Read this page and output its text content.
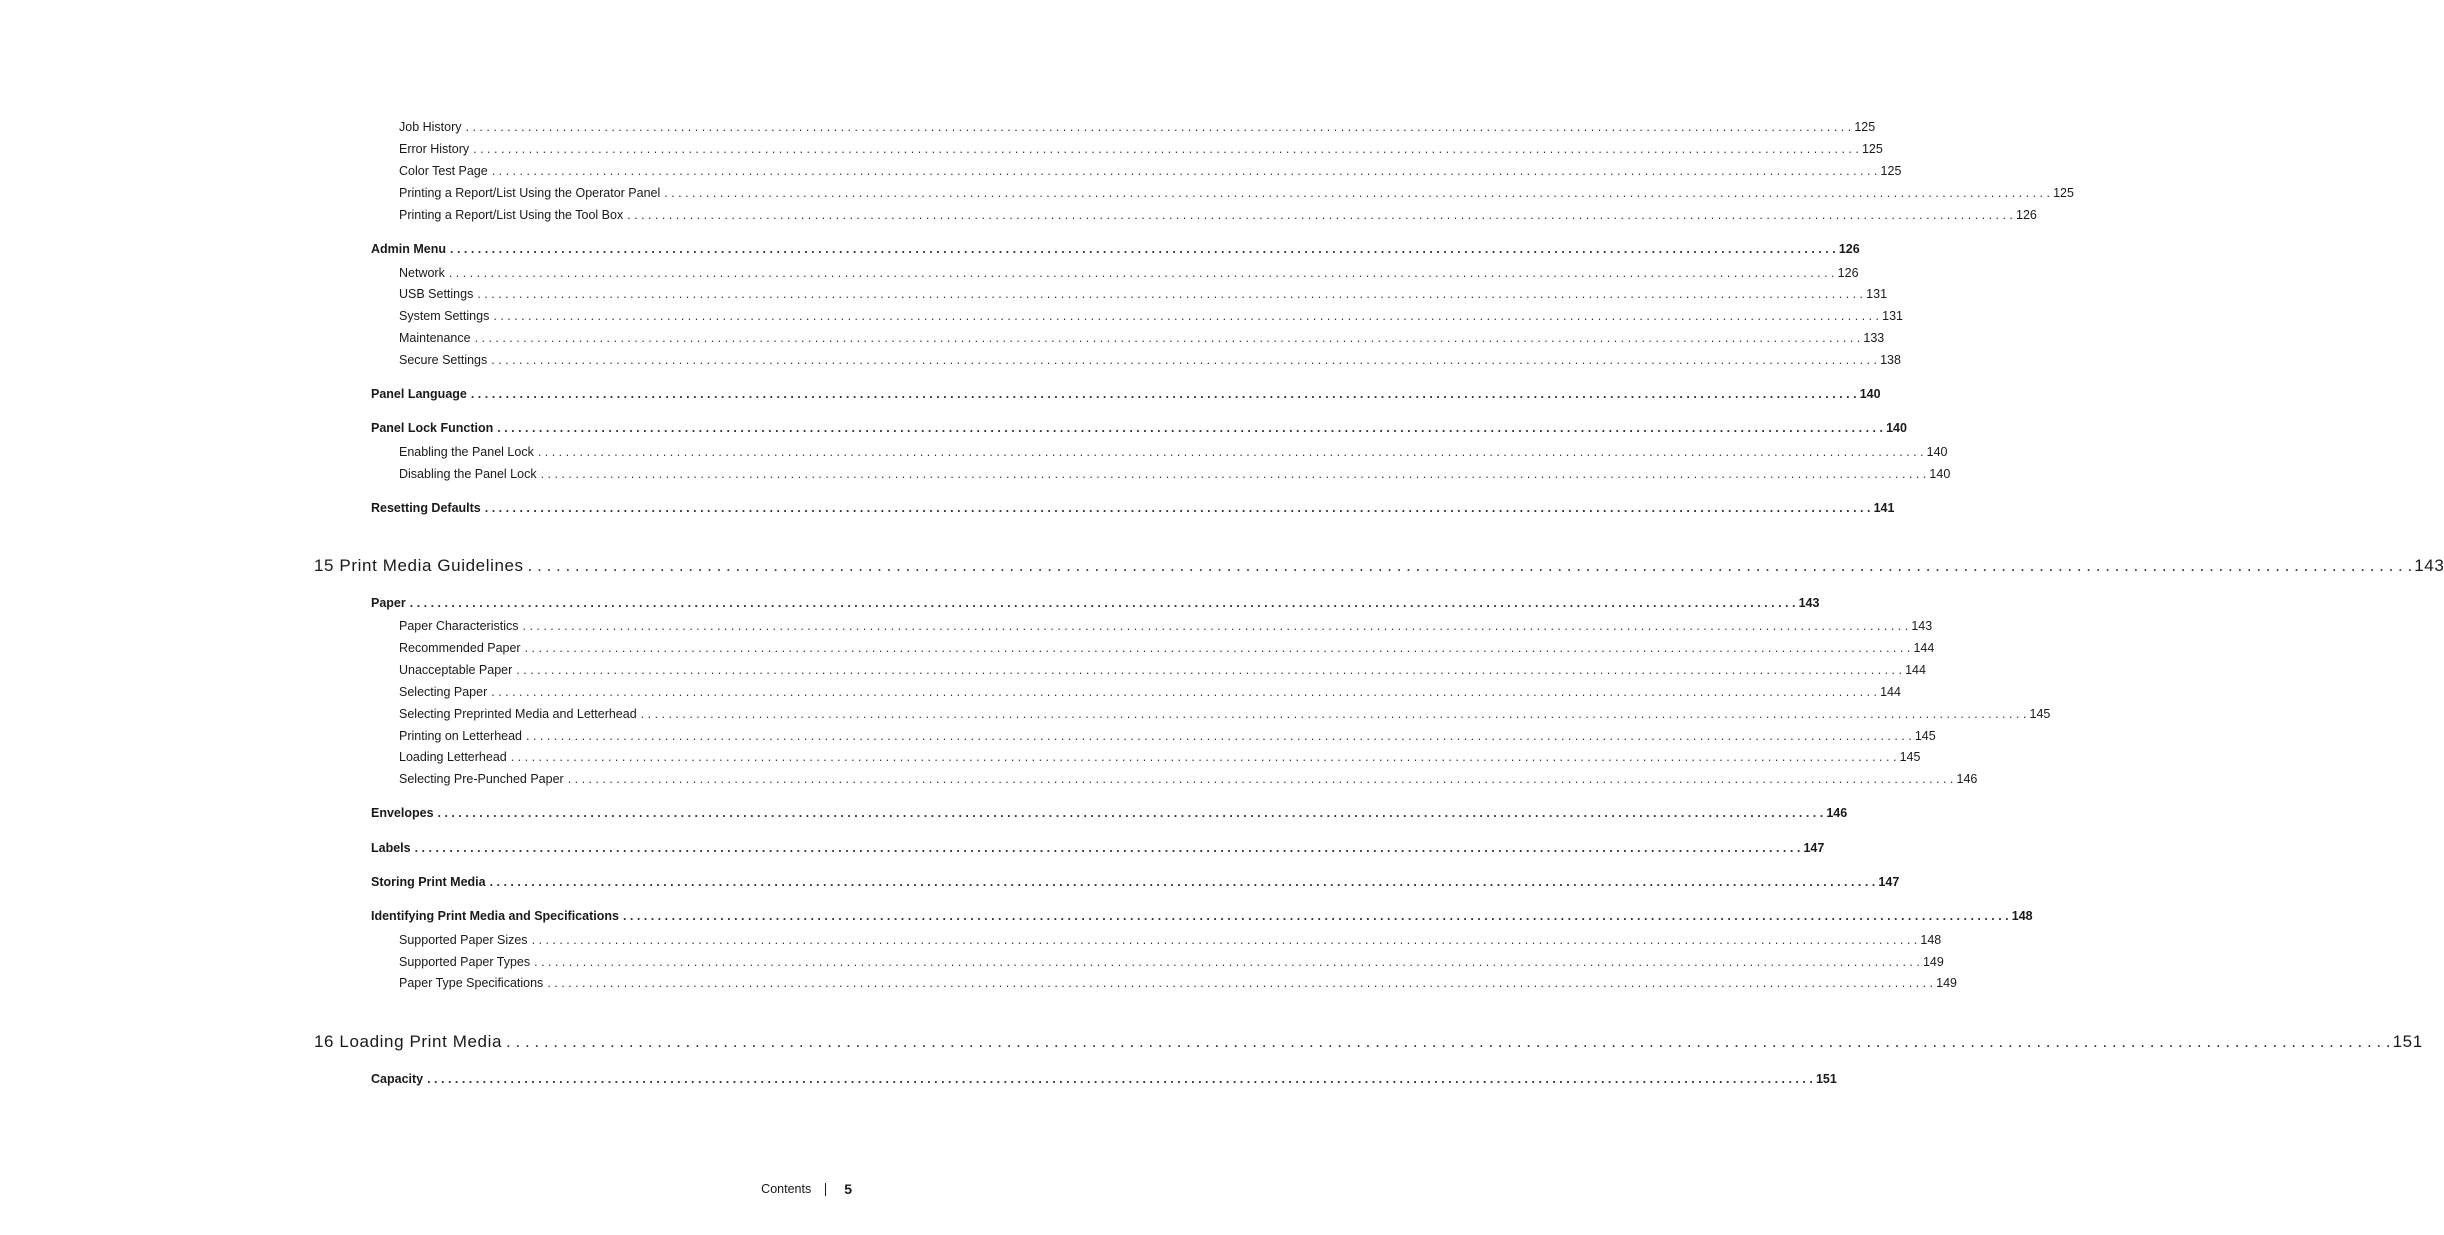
Job History . . . . . . . . . . . . . . . . . . . . . . . . . . . . . . . . . . . . . . . . . . . . . . . . . . . . . . . . . . . . . . . . . . . . . . . . . . . . . . . . . . . . . . . . . . . . . . . . . . . . . . . . . . . . . . . . . . . . . . . . . . . . . . . . . . . . . . . . . . . . . . . . . . . . . . . . . . . . . . . . . . . . . . . . . . . . . . . . . . . . . . . . . . . . . . . . . . . . . . . . 125
Error History . . . . . . . . . . . . . . . . . . . . . . . . . . . . . . . . . . . . . . . . . . . . . . . . . . . . . . . . . . . . . . . . . . . . . . . . . . . . . . . . . . . . . . . . . . . . . . . . . . . . . . . . . . . . . . . . . . . . . . . . . . . . . . . . . . . . . . . . . . . . . . . . . . . . . . . . . . . . . . . . . . . . . . . . . . . . . . . . . . . . . . . . . . . . . . . . . . . . . . . . 125
Color Test Page . . . . . . . . . . . . . . . . . . . . . . . . . . . . . . . . . . . . . . . . . . . . . . . . . . . . . . . . . . . . . . . . . . . . . . . . . . . . . . . . . . . . . . . . . . . . . . . . . . . . . . . . . . . . . . . . . . . . . . . . . . . . . . . . . . . . . . . . . . . . . . . . . . . . . . . . . . . . . . . . . . . . . . . . . . . . . . . . . . . . . . . . . . . . . . . . . . . . . . . . 125
Printing a Report/List Using the Operator Panel . . . . . . . . . . . . . . . . . . . . . . . . . . . . . . . . . . . . . . . . . . . . . . . . . . . . . . . . . . . . . . . . . . . . . . . . . . . . . . . . . . . . . . . . . . . . . . . . . . . . . . . . . . . . . . . . . . . . . . . . . . . . . . . . . . . . . . . . . . . . . . . . . . . . . . . . . . . . . . . . . . . . . . . . . . . . . . . . . . . . . . . . . . . . . . . . . . . . . . . . 125
Printing a Report/List Using the Tool Box . . . . . . . . . . . . . . . . . . . . . . . . . . . . . . . . . . . . . . . . . . . . . . . . . . . . . . . . . . . . . . . . . . . . . . . . . . . . . . . . . . . . . . . . . . . . . . . . . . . . . . . . . . . . . . . . . . . . . . . . . . . . . . . . . . . . . . . . . . . . . . . . . . . . . . . . . . . . . . . . . . . . . . . . . . . . . . . . . . . . . . . . . . . . . . . . . . . . . . . . 126
Admin Menu . . . . . . . . . . . . . . . . . . . . . . . . . . . . . . . . . . . . . . . . . . . . . . . . . . . . . . . . . . . . . . . . . . . . . . . . . . . . . . . . . . . . . . . . . . . . . . . . . . . . . . . . . . . . . . . . . . . . . . . . . . . . . . . . . . . . . . . . . . . . . . . . . . . . . . . . . . . . . . . . . . . . . . . . . . . . . . . . . . . . . . . . . . . . . . . . . . . . . . . . 126
Network . . . . . . . . . . . . . . . . . . . . . . . . . . . . . . . . . . . . . . . . . . . . . . . . . . . . . . . . . . . . . . . . . . . . . . . . . . . . . . . . . . . . . . . . . . . . . . . . . . . . . . . . . . . . . . . . . . . . . . . . . . . . . . . . . . . . . . . . . . . . . . . . . . . . . . . . . . . . . . . . . . . . . . . . . . . . . . . . . . . . . . . . . . . . . . . . . . . . . . . . 126
USB Settings . . . . . . . . . . . . . . . . . . . . . . . . . . . . . . . . . . . . . . . . . . . . . . . . . . . . . . . . . . . . . . . . . . . . . . . . . . . . . . . . . . . . . . . . . . . . . . . . . . . . . . . . . . . . . . . . . . . . . . . . . . . . . . . . . . . . . . . . . . . . . . . . . . . . . . . . . . . . . . . . . . . . . . . . . . . . . . . . . . . . . . . . . . . . . . . . . . . . . . . . 131
System Settings . . . . . . . . . . . . . . . . . . . . . . . . . . . . . . . . . . . . . . . . . . . . . . . . . . . . . . . . . . . . . . . . . . . . . . . . . . . . . . . . . . . . . . . . . . . . . . . . . . . . . . . . . . . . . . . . . . . . . . . . . . . . . . . . . . . . . . . . . . . . . . . . . . . . . . . . . . . . . . . . . . . . . . . . . . . . . . . . . . . . . . . . . . . . . . . . . . . . . . . . 131
Maintenance . . . . . . . . . . . . . . . . . . . . . . . . . . . . . . . . . . . . . . . . . . . . . . . . . . . . . . . . . . . . . . . . . . . . . . . . . . . . . . . . . . . . . . . . . . . . . . . . . . . . . . . . . . . . . . . . . . . . . . . . . . . . . . . . . . . . . . . . . . . . . . . . . . . . . . . . . . . . . . . . . . . . . . . . . . . . . . . . . . . . . . . . . . . . . . . . . . . . . . . . 133
Secure Settings . . . . . . . . . . . . . . . . . . . . . . . . . . . . . . . . . . . . . . . . . . . . . . . . . . . . . . . . . . . . . . . . . . . . . . . . . . . . . . . . . . . . . . . . . . . . . . . . . . . . . . . . . . . . . . . . . . . . . . . . . . . . . . . . . . . . . . . . . . . . . . . . . . . . . . . . . . . . . . . . . . . . . . . . . . . . . . . . . . . . . . . . . . . . . . . . . . . . . . . . 138
Panel Language . . . . . . . . . . . . . . . . . . . . . . . . . . . . . . . . . . . . . . . . . . . . . . . . . . . . . . . . . . . . . . . . . . . . . . . . . . . . . . . . . . . . . . . . . . . . . . . . . . . . . . . . . . . . . . . . . . . . . . . . . . . . . . . . . . . . . . . . . . . . . . . . . . . . . . . . . . . . . . . . . . . . . . . . . . . . . . . . . . . . . . . . . . . . . . . . . . . . . . . . 140
Panel Lock Function . . . . . . . . . . . . . . . . . . . . . . . . . . . . . . . . . . . . . . . . . . . . . . . . . . . . . . . . . . . . . . . . . . . . . . . . . . . . . . . . . . . . . . . . . . . . . . . . . . . . . . . . . . . . . . . . . . . . . . . . . . . . . . . . . . . . . . . . . . . . . . . . . . . . . . . . . . . . . . . . . . . . . . . . . . . . . . . . . . . . . . . . . . . . . . . . . . . . . . . . 140
Enabling the Panel Lock . . . . . . . . . . . . . . . . . . . . . . . . . . . . . . . . . . . . . . . . . . . . . . . . . . . . . . . . . . . . . . . . . . . . . . . . . . . . . . . . . . . . . . . . . . . . . . . . . . . . . . . . . . . . . . . . . . . . . . . . . . . . . . . . . . . . . . . . . . . . . . . . . . . . . . . . . . . . . . . . . . . . . . . . . . . . . . . . . . . . . . . . . . . . . . . . . . . . . . . . 140
Disabling the Panel Lock . . . . . . . . . . . . . . . . . . . . . . . . . . . . . . . . . . . . . . . . . . . . . . . . . . . . . . . . . . . . . . . . . . . . . . . . . . . . . . . . . . . . . . . . . . . . . . . . . . . . . . . . . . . . . . . . . . . . . . . . . . . . . . . . . . . . . . . . . . . . . . . . . . . . . . . . . . . . . . . . . . . . . . . . . . . . . . . . . . . . . . . . . . . . . . . . . . . . . . . . 140
Resetting Defaults . . . . . . . . . . . . . . . . . . . . . . . . . . . . . . . . . . . . . . . . . . . . . . . . . . . . . . . . . . . . . . . . . . . . . . . . . . . . . . . . . . . . . . . . . . . . . . . . . . . . . . . . . . . . . . . . . . . . . . . . . . . . . . . . . . . . . . . . . . . . . . . . . . . . . . . . . . . . . . . . . . . . . . . . . . . . . . . . . . . . . . . . . . . . . . . . . . . . . . . . 141
15 Print Media Guidelines . . . . . . . . . . . . . . . . . . . . . . . . . . . . . . . . . . . . . . . . . . . . . . . . . . . . . . . . . . . . . . . . . . . . . . . . . . . . . . . . . . . . . . . . . . . . . . . . . . . . . . . . . . . . . . . . . . . . . . . . . . . . . . . . . . . . . . . . . . . . . . . . . . . . . . . . . . . . . . . . . . . . . . . . . . . . . . . . . . . . . . . . . . . . . . . . . . . . . . . . 143
Paper . . . . . . . . . . . . . . . . . . . . . . . . . . . . . . . . . . . . . . . . . . . . . . . . . . . . . . . . . . . . . . . . . . . . . . . . . . . . . . . . . . . . . . . . . . . . . . . . . . . . . . . . . . . . . . . . . . . . . . . . . . . . . . . . . . . . . . . . . . . . . . . . . . . . . . . . . . . . . . . . . . . . . . . . . . . . . . . . . . . . . . . . . . . . . . . . . . . . . . . . 143
Paper Characteristics . . . . . . . . . . . . . . . . . . . . . . . . . . . . . . . . . . . . . . . . . . . . . . . . . . . . . . . . . . . . . . . . . . . . . . . . . . . . . . . . . . . . . . . . . . . . . . . . . . . . . . . . . . . . . . . . . . . . . . . . . . . . . . . . . . . . . . . . . . . . . . . . . . . . . . . . . . . . . . . . . . . . . . . . . . . . . . . . . . . . . . . . . . . . . . . . . . . . . . . . 143
Recommended Paper . . . . . . . . . . . . . . . . . . . . . . . . . . . . . . . . . . . . . . . . . . . . . . . . . . . . . . . . . . . . . . . . . . . . . . . . . . . . . . . . . . . . . . . . . . . . . . . . . . . . . . . . . . . . . . . . . . . . . . . . . . . . . . . . . . . . . . . . . . . . . . . . . . . . . . . . . . . . . . . . . . . . . . . . . . . . . . . . . . . . . . . . . . . . . . . . . . . . . . . . 144
Unacceptable Paper . . . . . . . . . . . . . . . . . . . . . . . . . . . . . . . . . . . . . . . . . . . . . . . . . . . . . . . . . . . . . . . . . . . . . . . . . . . . . . . . . . . . . . . . . . . . . . . . . . . . . . . . . . . . . . . . . . . . . . . . . . . . . . . . . . . . . . . . . . . . . . . . . . . . . . . . . . . . . . . . . . . . . . . . . . . . . . . . . . . . . . . . . . . . . . . . . . . . . . . . 144
Selecting Paper . . . . . . . . . . . . . . . . . . . . . . . . . . . . . . . . . . . . . . . . . . . . . . . . . . . . . . . . . . . . . . . . . . . . . . . . . . . . . . . . . . . . . . . . . . . . . . . . . . . . . . . . . . . . . . . . . . . . . . . . . . . . . . . . . . . . . . . . . . . . . . . . . . . . . . . . . . . . . . . . . . . . . . . . . . . . . . . . . . . . . . . . . . . . . . . . . . . . . . . . 144
Selecting Preprinted Media and Letterhead . . . . . . . . . . . . . . . . . . . . . . . . . . . . . . . . . . . . . . . . . . . . . . . . . . . . . . . . . . . . . . . . . . . . . . . . . . . . . . . . . . . . . . . . . . . . . . . . . . . . . . . . . . . . . . . . . . . . . . . . . . . . . . . . . . . . . . . . . . . . . . . . . . . . . . . . . . . . . . . . . . . . . . . . . . . . . . . . . . . . . . . . . . . . . . . . . . . . . . . . 145
Printing on Letterhead . . . . . . . . . . . . . . . . . . . . . . . . . . . . . . . . . . . . . . . . . . . . . . . . . . . . . . . . . . . . . . . . . . . . . . . . . . . . . . . . . . . . . . . . . . . . . . . . . . . . . . . . . . . . . . . . . . . . . . . . . . . . . . . . . . . . . . . . . . . . . . . . . . . . . . . . . . . . . . . . . . . . . . . . . . . . . . . . . . . . . . . . . . . . . . . . . . . . . . . . 145
Loading Letterhead . . . . . . . . . . . . . . . . . . . . . . . . . . . . . . . . . . . . . . . . . . . . . . . . . . . . . . . . . . . . . . . . . . . . . . . . . . . . . . . . . . . . . . . . . . . . . . . . . . . . . . . . . . . . . . . . . . . . . . . . . . . . . . . . . . . . . . . . . . . . . . . . . . . . . . . . . . . . . . . . . . . . . . . . . . . . . . . . . . . . . . . . . . . . . . . . . . . . . . . . 145
Selecting Pre-Punched Paper . . . . . . . . . . . . . . . . . . . . . . . . . . . . . . . . . . . . . . . . . . . . . . . . . . . . . . . . . . . . . . . . . . . . . . . . . . . . . . . . . . . . . . . . . . . . . . . . . . . . . . . . . . . . . . . . . . . . . . . . . . . . . . . . . . . . . . . . . . . . . . . . . . . . . . . . . . . . . . . . . . . . . . . . . . . . . . . . . . . . . . . . . . . . . . . . . . . . . . . . 146
Envelopes . . . . . . . . . . . . . . . . . . . . . . . . . . . . . . . . . . . . . . . . . . . . . . . . . . . . . . . . . . . . . . . . . . . . . . . . . . . . . . . . . . . . . . . . . . . . . . . . . . . . . . . . . . . . . . . . . . . . . . . . . . . . . . . . . . . . . . . . . . . . . . . . . . . . . . . . . . . . . . . . . . . . . . . . . . . . . . . . . . . . . . . . . . . . . . . . . . . . . . . . 146
Labels . . . . . . . . . . . . . . . . . . . . . . . . . . . . . . . . . . . . . . . . . . . . . . . . . . . . . . . . . . . . . . . . . . . . . . . . . . . . . . . . . . . . . . . . . . . . . . . . . . . . . . . . . . . . . . . . . . . . . . . . . . . . . . . . . . . . . . . . . . . . . . . . . . . . . . . . . . . . . . . . . . . . . . . . . . . . . . . . . . . . . . . . . . . . . . . . . . . . . . . . 147
Storing Print Media . . . . . . . . . . . . . . . . . . . . . . . . . . . . . . . . . . . . . . . . . . . . . . . . . . . . . . . . . . . . . . . . . . . . . . . . . . . . . . . . . . . . . . . . . . . . . . . . . . . . . . . . . . . . . . . . . . . . . . . . . . . . . . . . . . . . . . . . . . . . . . . . . . . . . . . . . . . . . . . . . . . . . . . . . . . . . . . . . . . . . . . . . . . . . . . . . . . . . . . . 147
Identifying Print Media and Specifications . . . . . . . . . . . . . . . . . . . . . . . . . . . . . . . . . . . . . . . . . . . . . . . . . . . . . . . . . . . . . . . . . . . . . . . . . . . . . . . . . . . . . . . . . . . . . . . . . . . . . . . . . . . . . . . . . . . . . . . . . . . . . . . . . . . . . . . . . . . . . . . . . . . . . . . . . . . . . . . . . . . . . . . . . . . . . . . . . . . . . . . . . . . . . . . . . . . . . . . . 148
Supported Paper Sizes . . . . . . . . . . . . . . . . . . . . . . . . . . . . . . . . . . . . . . . . . . . . . . . . . . . . . . . . . . . . . . . . . . . . . . . . . . . . . . . . . . . . . . . . . . . . . . . . . . . . . . . . . . . . . . . . . . . . . . . . . . . . . . . . . . . . . . . . . . . . . . . . . . . . . . . . . . . . . . . . . . . . . . . . . . . . . . . . . . . . . . . . . . . . . . . . . . . . . . . . 148
Supported Paper Types . . . . . . . . . . . . . . . . . . . . . . . . . . . . . . . . . . . . . . . . . . . . . . . . . . . . . . . . . . . . . . . . . . . . . . . . . . . . . . . . . . . . . . . . . . . . . . . . . . . . . . . . . . . . . . . . . . . . . . . . . . . . . . . . . . . . . . . . . . . . . . . . . . . . . . . . . . . . . . . . . . . . . . . . . . . . . . . . . . . . . . . . . . . . . . . . . . . . . . . . 149
Paper Type Specifications . . . . . . . . . . . . . . . . . . . . . . . . . . . . . . . . . . . . . . . . . . . . . . . . . . . . . . . . . . . . . . . . . . . . . . . . . . . . . . . . . . . . . . . . . . . . . . . . . . . . . . . . . . . . . . . . . . . . . . . . . . . . . . . . . . . . . . . . . . . . . . . . . . . . . . . . . . . . . . . . . . . . . . . . . . . . . . . . . . . . . . . . . . . . . . . . . . . . . . . . 149
16 Loading Print Media . . . . . . . . . . . . . . . . . . . . . . . . . . . . . . . . . . . . . . . . . . . . . . . . . . . . . . . . . . . . . . . . . . . . . . . . . . . . . . . . . . . . . . . . . . . . . . . . . . . . . . . . . . . . . . . . . . . . . . . . . . . . . . . . . . . . . . . . . . . . . . . . . . . . . . . . . . . . . . . . . . . . . . . . . . . . . . . . . . . . . . . . . . . . . . . . . . . . . . . . 151
Capacity . . . . . . . . . . . . . . . . . . . . . . . . . . . . . . . . . . . . . . . . . . . . . . . . . . . . . . . . . . . . . . . . . . . . . . . . . . . . . . . . . . . . . . . . . . . . . . . . . . . . . . . . . . . . . . . . . . . . . . . . . . . . . . . . . . . . . . . . . . . . . . . . . . . . . . . . . . . . . . . . . . . . . . . . . . . . . . . . . . . . . . . . . . . . . . . . . . . . . . . . 151
Contents 5
